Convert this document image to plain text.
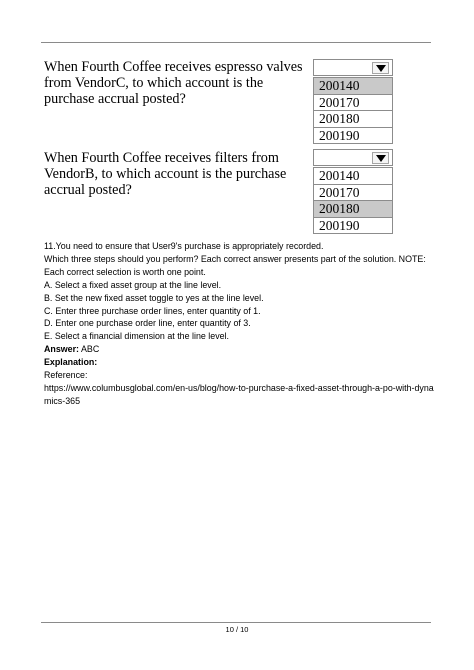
When Fourth Coffee receives espresso valves from VendorC, to which account is the purchase accrual posted?
200140
200170
200180
200190
When Fourth Coffee receives filters from VendorB, to which account is the purchase accrual posted?
200140
200170
200180
200190

11.You need to ensure that User9's purchase is appropriately recorded.

Which three steps should you perform? Each correct answer presents part of the solution. NOTE: Each correct selection is worth one point.

A. Select a fixed asset group at the line level.

B. Set the new fixed asset toggle to yes at the line level.

C. Enter three purchase order lines, enter quantity of 1.

D. Enter one purchase order line, enter quantity of 3.

E. Select a financial dimension at the line level.

Answer: ABC

Explanation:

Reference:

https://www.columbusglobal.com/en-us/blog/how-to-purchase-a-fixed-asset-through-a-po-with-dynamics-365

10 / 10
